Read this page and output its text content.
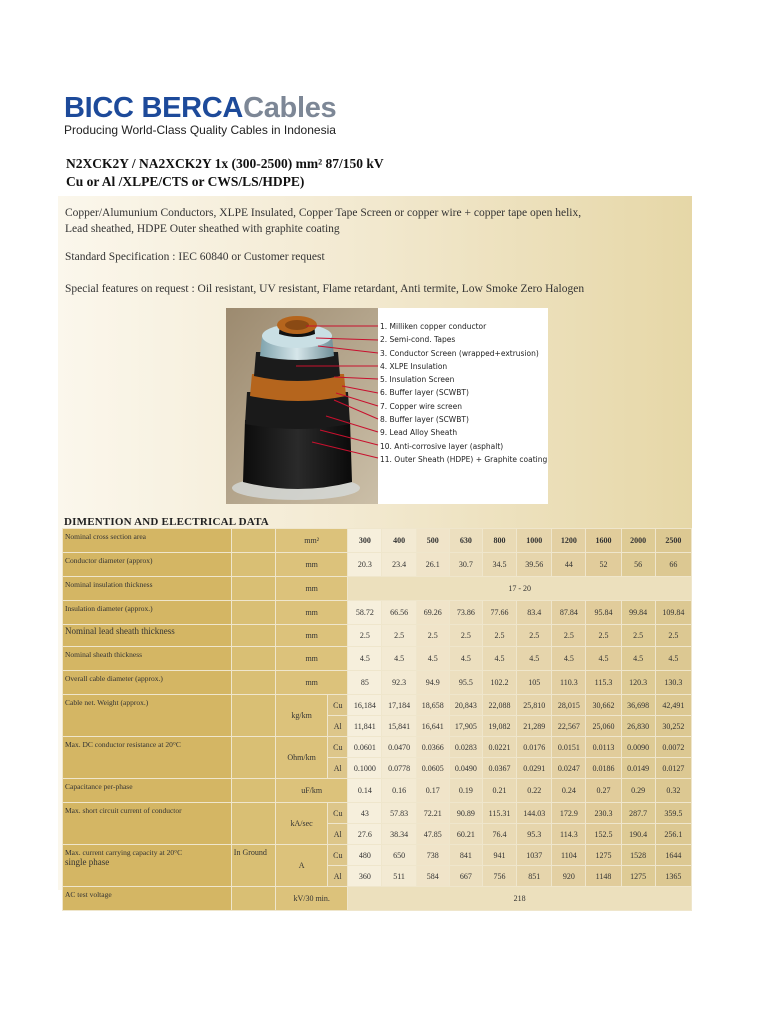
BICC BERCACables
Producing World-Class Quality Cables in Indonesia
N2XCK2Y / NA2XCK2Y 1x (300-2500) mm² 87/150 kV
Cu or Al /XLPE/CTS or CWS/LS/HDPE)
Copper/Alumunium Conductors, XLPE Insulated, Copper Tape Screen or copper wire + copper tape open helix,
Lead sheathed, HDPE Outer sheathed with graphite coating
Standard Specification : IEC 60840 or Customer request
Special features on request : Oil resistant, UV resistant, Flame retardant, Anti termite, Low Smoke Zero Halogen
1. Milliken copper conductor
2. Semi-cond. Tapes
3. Conductor Screen (wrapped+extrusion)
4. XLPE Insulation
5. Insulation Screen
6. Buffer layer (SCWBT)
7. Copper wire screen
8. Buffer layer (SCWBT)
9. Lead Alloy Sheath
10. Anti-corrosive layer (asphalt)
11. Outer Sheath (HDPE) + Graphite coating
DIMENTION AND ELECTRICAL DATA
Nominal cross section area		mm²		300	400	500	630	800	1000	1200	1600	2000	2500
Conductor diameter (approx)		mm		20.3	23.4	26.1	30.7	34.5	39.56	44	52	56	66
Nominal insulation thickness		mm		17 - 20									
Insulation diameter (approx.)		mm		58.72	66.56	69.26	73.86	77.66	83.4	87.84	95.84	99.84	109.84
Nominal lead sheath thickness		mm		2.5	2.5	2.5	2.5	2.5	2.5	2.5	2.5	2.5	2.5
Nominal sheath thickness		mm		4.5	4.5	4.5	4.5	4.5	4.5	4.5	4.5	4.5	4.5
Overall cable diameter (approx.)		mm		85	92.3	94.9	95.5	102.2	105	110.3	115.3	120.3	130.3
Cable net. Weight (approx.)		kg/km	Cu	16,184	17,184	18,658	20,843	22,088	25,810	28,015	30,662	36,698	42,491
			Al	11,841	15,841	16,641	17,905	19,082	21,289	22,567	25,060	26,830	30,252
Max. DC conductor resistance at 20°C		Ohm/km	Cu	0.0601	0.0470	0.0366	0.0283	0.0221	0.0176	0.0151	0.0113	0.0090	0.0072
			Al	0.1000	0.0778	0.0605	0.0490	0.0367	0.0291	0.0247	0.0186	0.0149	0.0127
Capacitance per-phase		uF/km		0.14	0.16	0.17	0.19	0.21	0.22	0.24	0.27	0.29	0.32
Max. short circuit current of conductor		kA/sec	Cu	43	57.83	72.21	90.89	115.31	144.03	172.9	230.3	287.7	359.5
			Al	27.6	38.34	47.85	60.21	76.4	95.3	114.3	152.5	190.4	256.1

Max. current carrying capacity at 20°C
single phase	In Ground	A	Cu	480	650	738	841	941	1037	1104	1275	1528	1644
			Al	360	511	584	667	756	851	920	1148	1275	1365
AC test voltage		kV/30 min.		218									
